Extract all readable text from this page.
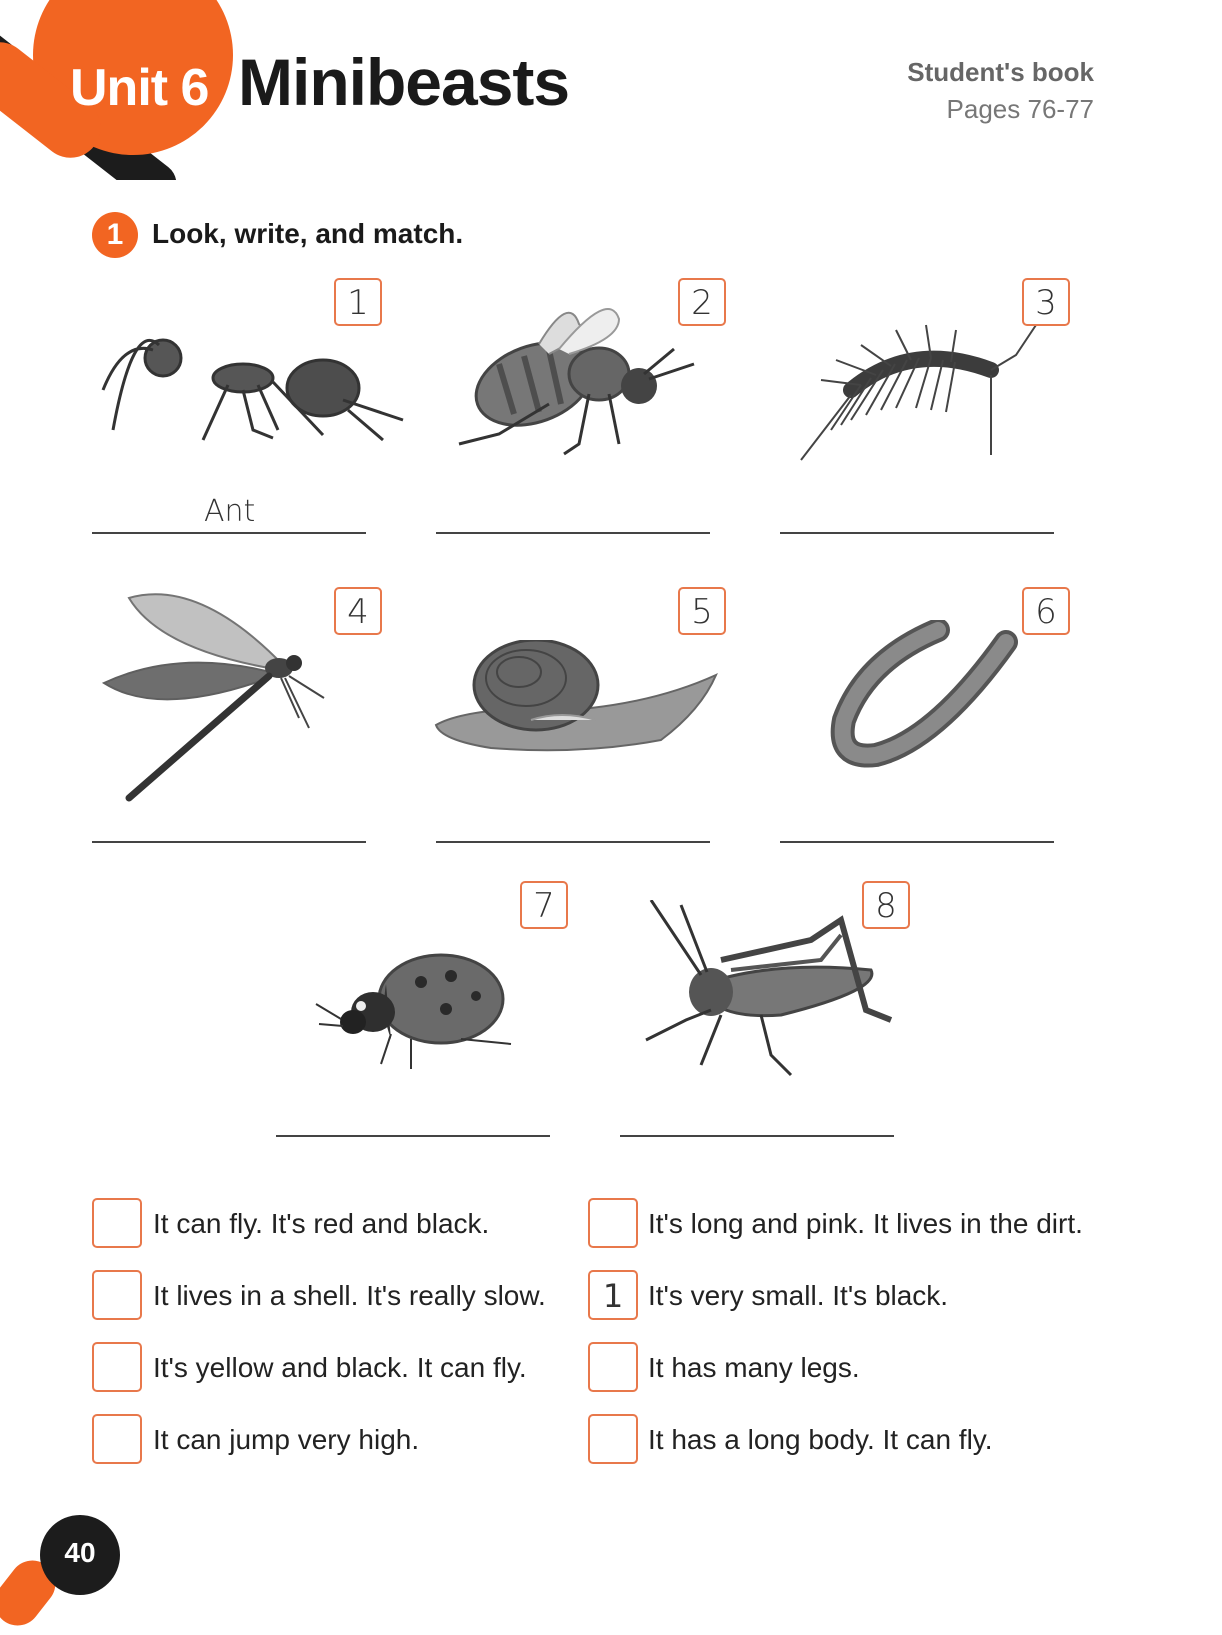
Unit 6 Minibeasts	Student's book
Pages 76-77
1	Look, write, and match.
1
Ant
2	3
4	5	6
7	8
It can fly. It's red and black.
It lives in a shell. It's really slow.
It's yellow and black. It can fly.
It can jump very high.
It's long and pink. It lives in the dirt.
1 It's very small. It's black.
It has many legs.
It has a long body. It can fly.
40
